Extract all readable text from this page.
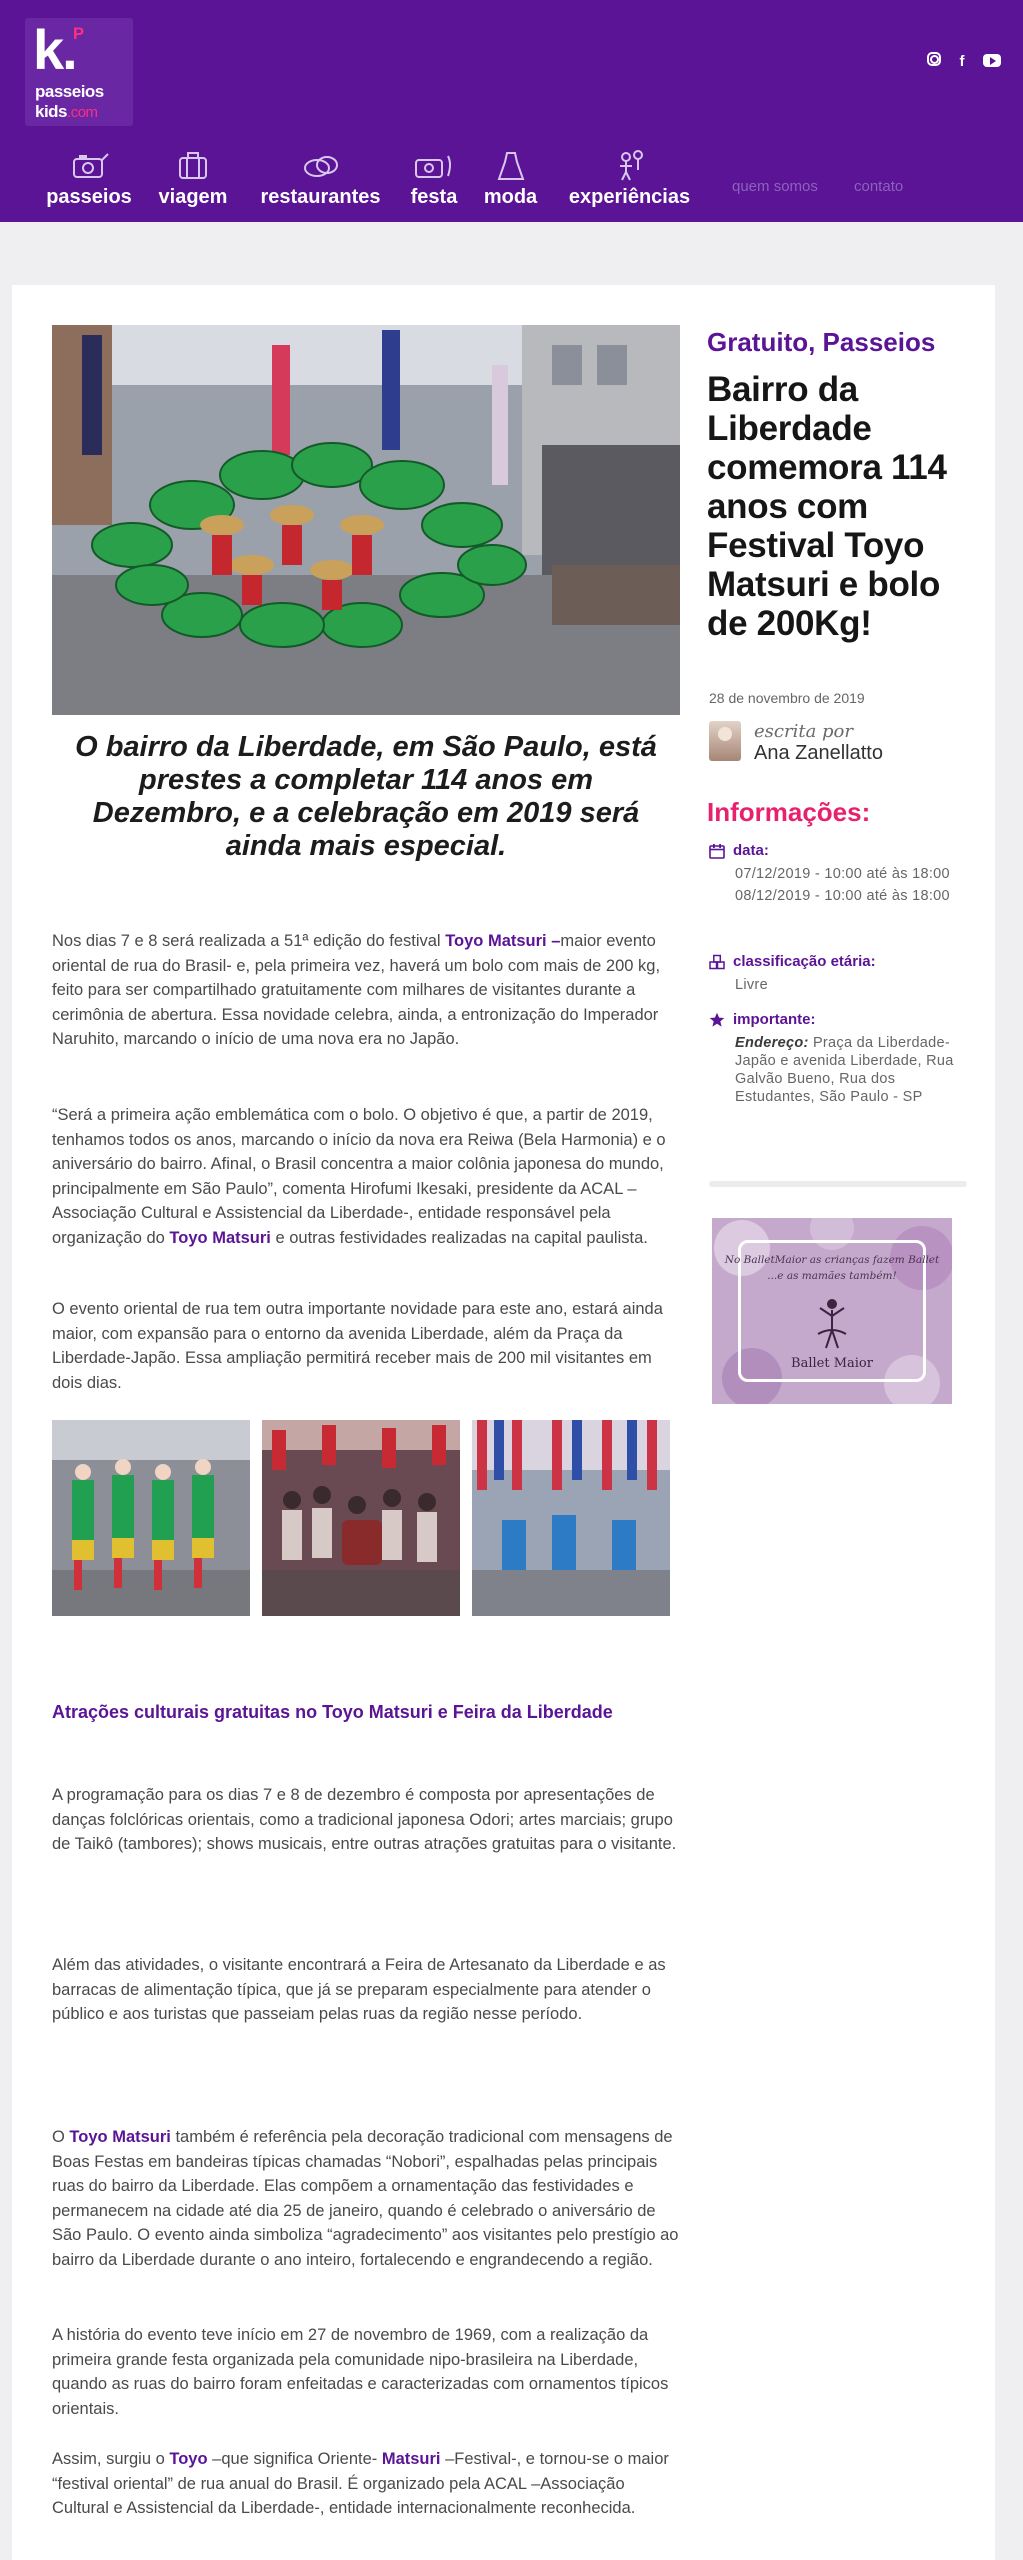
P
k.
passeios
kids.com
f
passeios viagem	restaurantes	festa	moda	experiências	quem somos contato
O bairro da Liberdade, em São Paulo, está prestes a completar 114 anos em Dezembro, e a celebração em 2019 será ainda mais especial.
Nos dias 7 e 8 será realizada a 51ª edição do festival Toyo Matsuri –maior evento oriental de rua do Brasil- e, pela primeira vez, haverá um bolo com mais de 200 kg, feito para ser compartilhado gratuitamente com milhares de visitantes durante a cerimônia de abertura. Essa novidade celebra, ainda, a entronização do Imperador Naruhito, marcando o início de uma nova era no Japão.
“Será a primeira ação emblemática com o bolo. O objetivo é que, a partir de 2019, tenhamos todos os anos, marcando o início da nova era Reiwa (Bela Harmonia) e o aniversário do bairro. Afinal, o Brasil concentra a maior colônia japonesa do mundo, principalmente em São Paulo”, comenta Hirofumi Ikesaki, presidente da ACAL –Associação Cultural e Assistencial da Liberdade-, entidade responsável pela organização do Toyo Matsuri e outras festividades realizadas na capital paulista.
O evento oriental de rua tem outra importante novidade para este ano, estará ainda maior, com expansão para o entorno da avenida Liberdade, além da Praça da Liberdade-Japão. Essa ampliação permitirá receber mais de 200 mil visitantes em dois dias.
Atrações culturais gratuitas no Toyo Matsuri e Feira da Liberdade
A programação para os dias 7 e 8 de dezembro é composta por apresentações de danças folclóricas orientais, como a tradicional japonesa Odori; artes marciais; grupo de Taikô (tambores); shows musicais, entre outras atrações gratuitas para o visitante.
Além das atividades, o visitante encontrará a Feira de Artesanato da Liberdade e as barracas de alimentação típica, que já se preparam especialmente para atender o público e aos turistas que passeiam pelas ruas da região nesse período.
O Toyo Matsuri também é referência pela decoração tradicional com mensagens de Boas Festas em bandeiras típicas chamadas “Nobori”, espalhadas pelas principais ruas do bairro da Liberdade. Elas compõem a ornamentação das festividades e permanecem na cidade até dia 25 de janeiro, quando é celebrado o aniversário de São Paulo. O evento ainda simboliza “agradecimento” aos visitantes pelo prestígio ao bairro da Liberdade durante o ano inteiro, fortalecendo e engrandecendo a região.
A história do evento teve início em 27 de novembro de 1969, com a realização da primeira grande festa organizada pela comunidade nipo-brasileira na Liberdade, quando as ruas do bairro foram enfeitadas e caracterizadas com ornamentos típicos orientais.
Assim, surgiu o Toyo –que significa Oriente- Matsuri –Festival-, e tornou-se o maior “festival oriental” de rua anual do Brasil. É organizado pela ACAL –Associação Cultural e Assistencial da Liberdade-, entidade internacionalmente reconhecida.
Gratuito, Passeios
Bairro da Liberdade comemora 114 anos com Festival Toyo Matsuri e bolo de 200Kg!
28 de novembro de 2019
escrita por
Ana Zanellatto
Informações:
data:
07/12/2019 - 10:00 até às 18:00
08/12/2019 - 10:00 até às 18:00
classificação etária:
Livre
importante:
Endereço: Praça da Liberdade-Japão e avenida Liberdade, Rua Galvão Bueno, Rua dos Estudantes, São Paulo - SP
No BalletMaior as crianças fazem Ballet
...e as mamães também!
Ballet Maior
